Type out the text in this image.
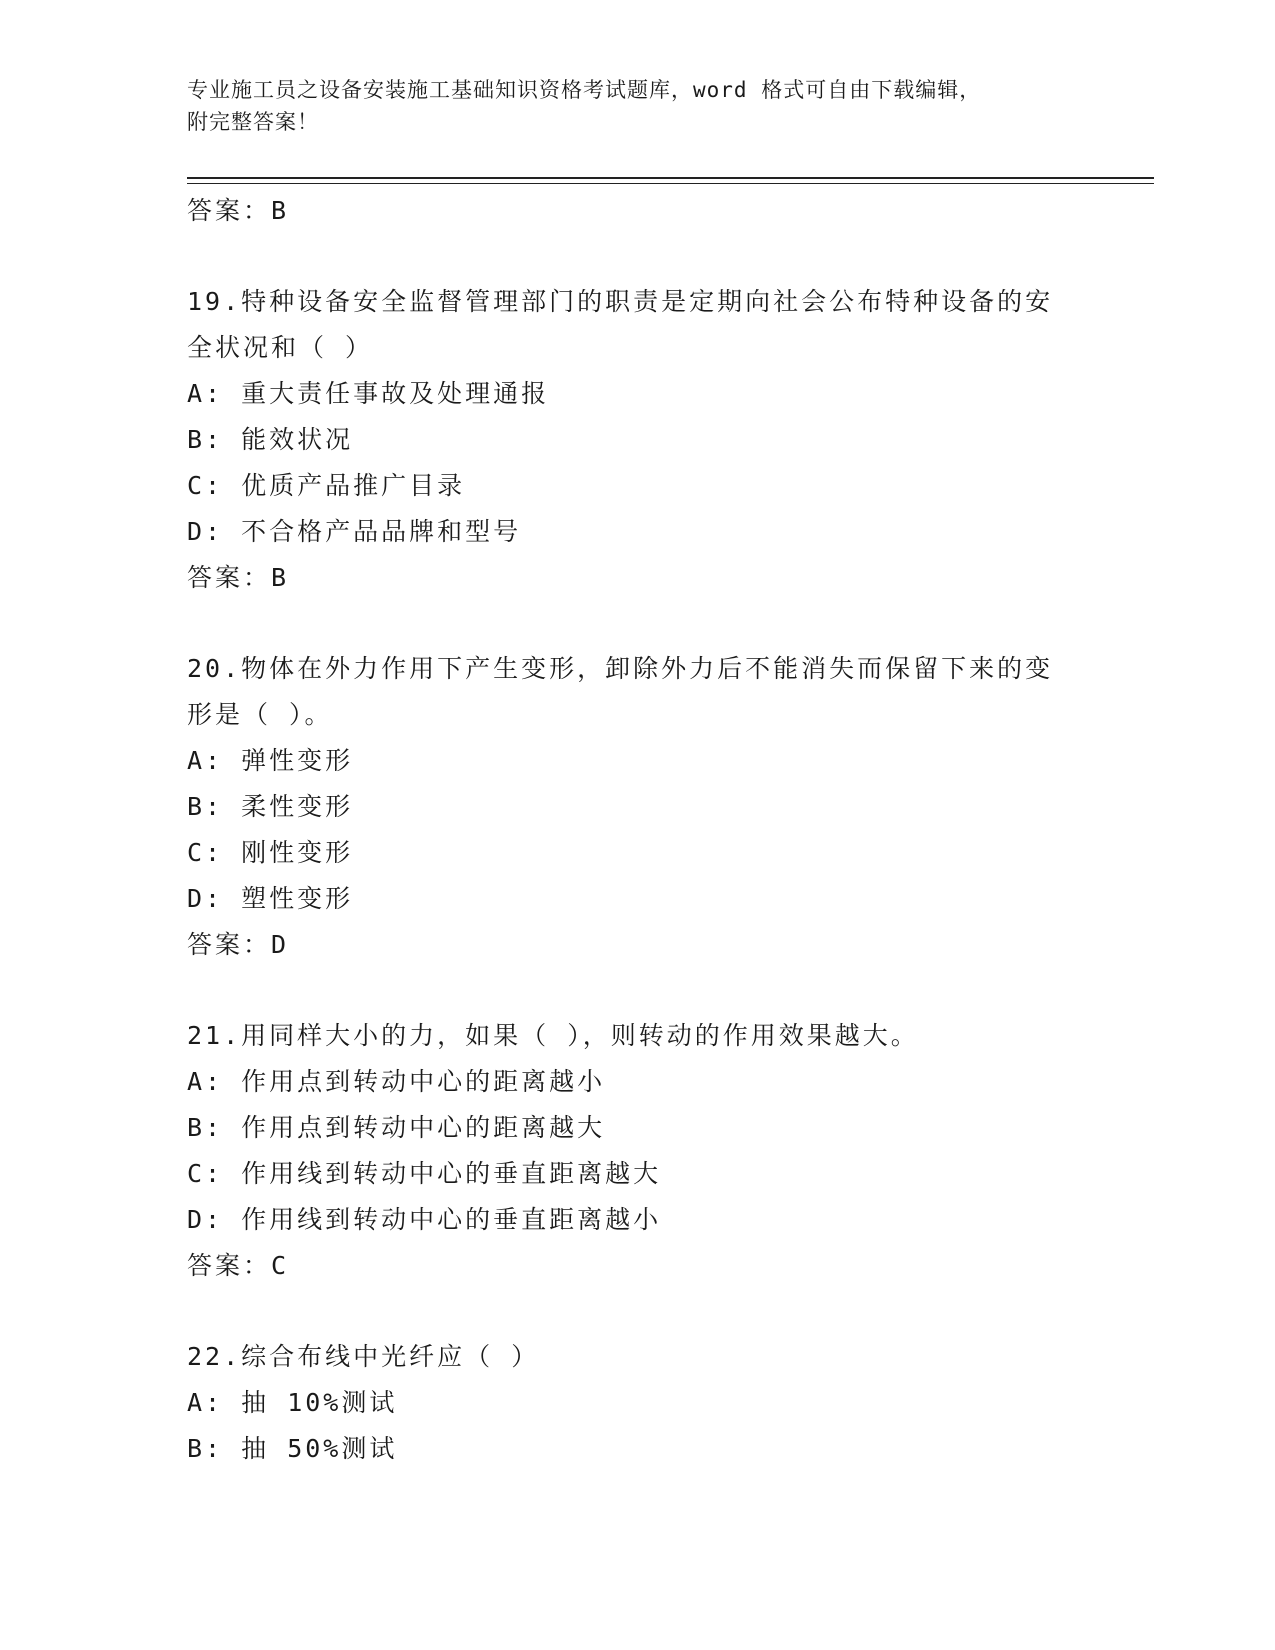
专业施工员之设备安装施工基础知识资格考试题库，word 格式可自由下载编辑，
附完整答案！
答案：B
19.特种设备安全监督管理部门的职责是定期向社会公布特种设备的安
全状况和（ ）
A: 重大责任事故及处理通报
B: 能效状况
C: 优质产品推广目录
D: 不合格产品品牌和型号
答案：B
20.物体在外力作用下产生变形，卸除外力后不能消失而保留下来的变
形是（ ）。
A: 弹性变形
B: 柔性变形
C: 刚性变形
D: 塑性变形
答案：D
21.用同样大小的力，如果（ ），则转动的作用效果越大。
A: 作用点到转动中心的距离越小
B: 作用点到转动中心的距离越大
C: 作用线到转动中心的垂直距离越大
D: 作用线到转动中心的垂直距离越小
答案：C
22.综合布线中光纤应（ ）
A: 抽 10%测试
B: 抽 50%测试
